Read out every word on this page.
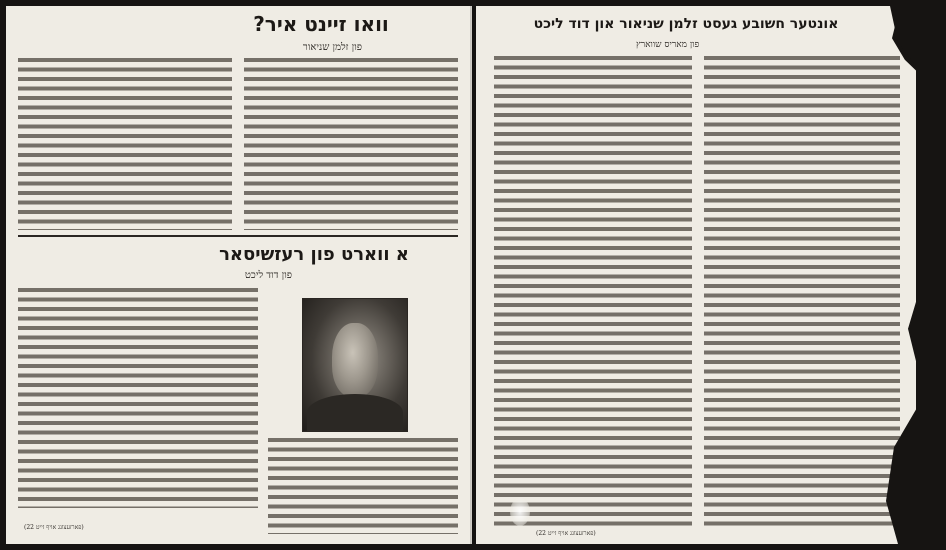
וואו זיינט איר?
פון זלמן שניאור
א ווארט פון רעזשיסאר
פון דוד ליכט
(פארזעצונג אויף זייט 22)
אונטער חשובע געסט זלמן שניאור און דוד ליכט
פון מאריס שווארץ
(פארזעצונג אויף זייט 22)
